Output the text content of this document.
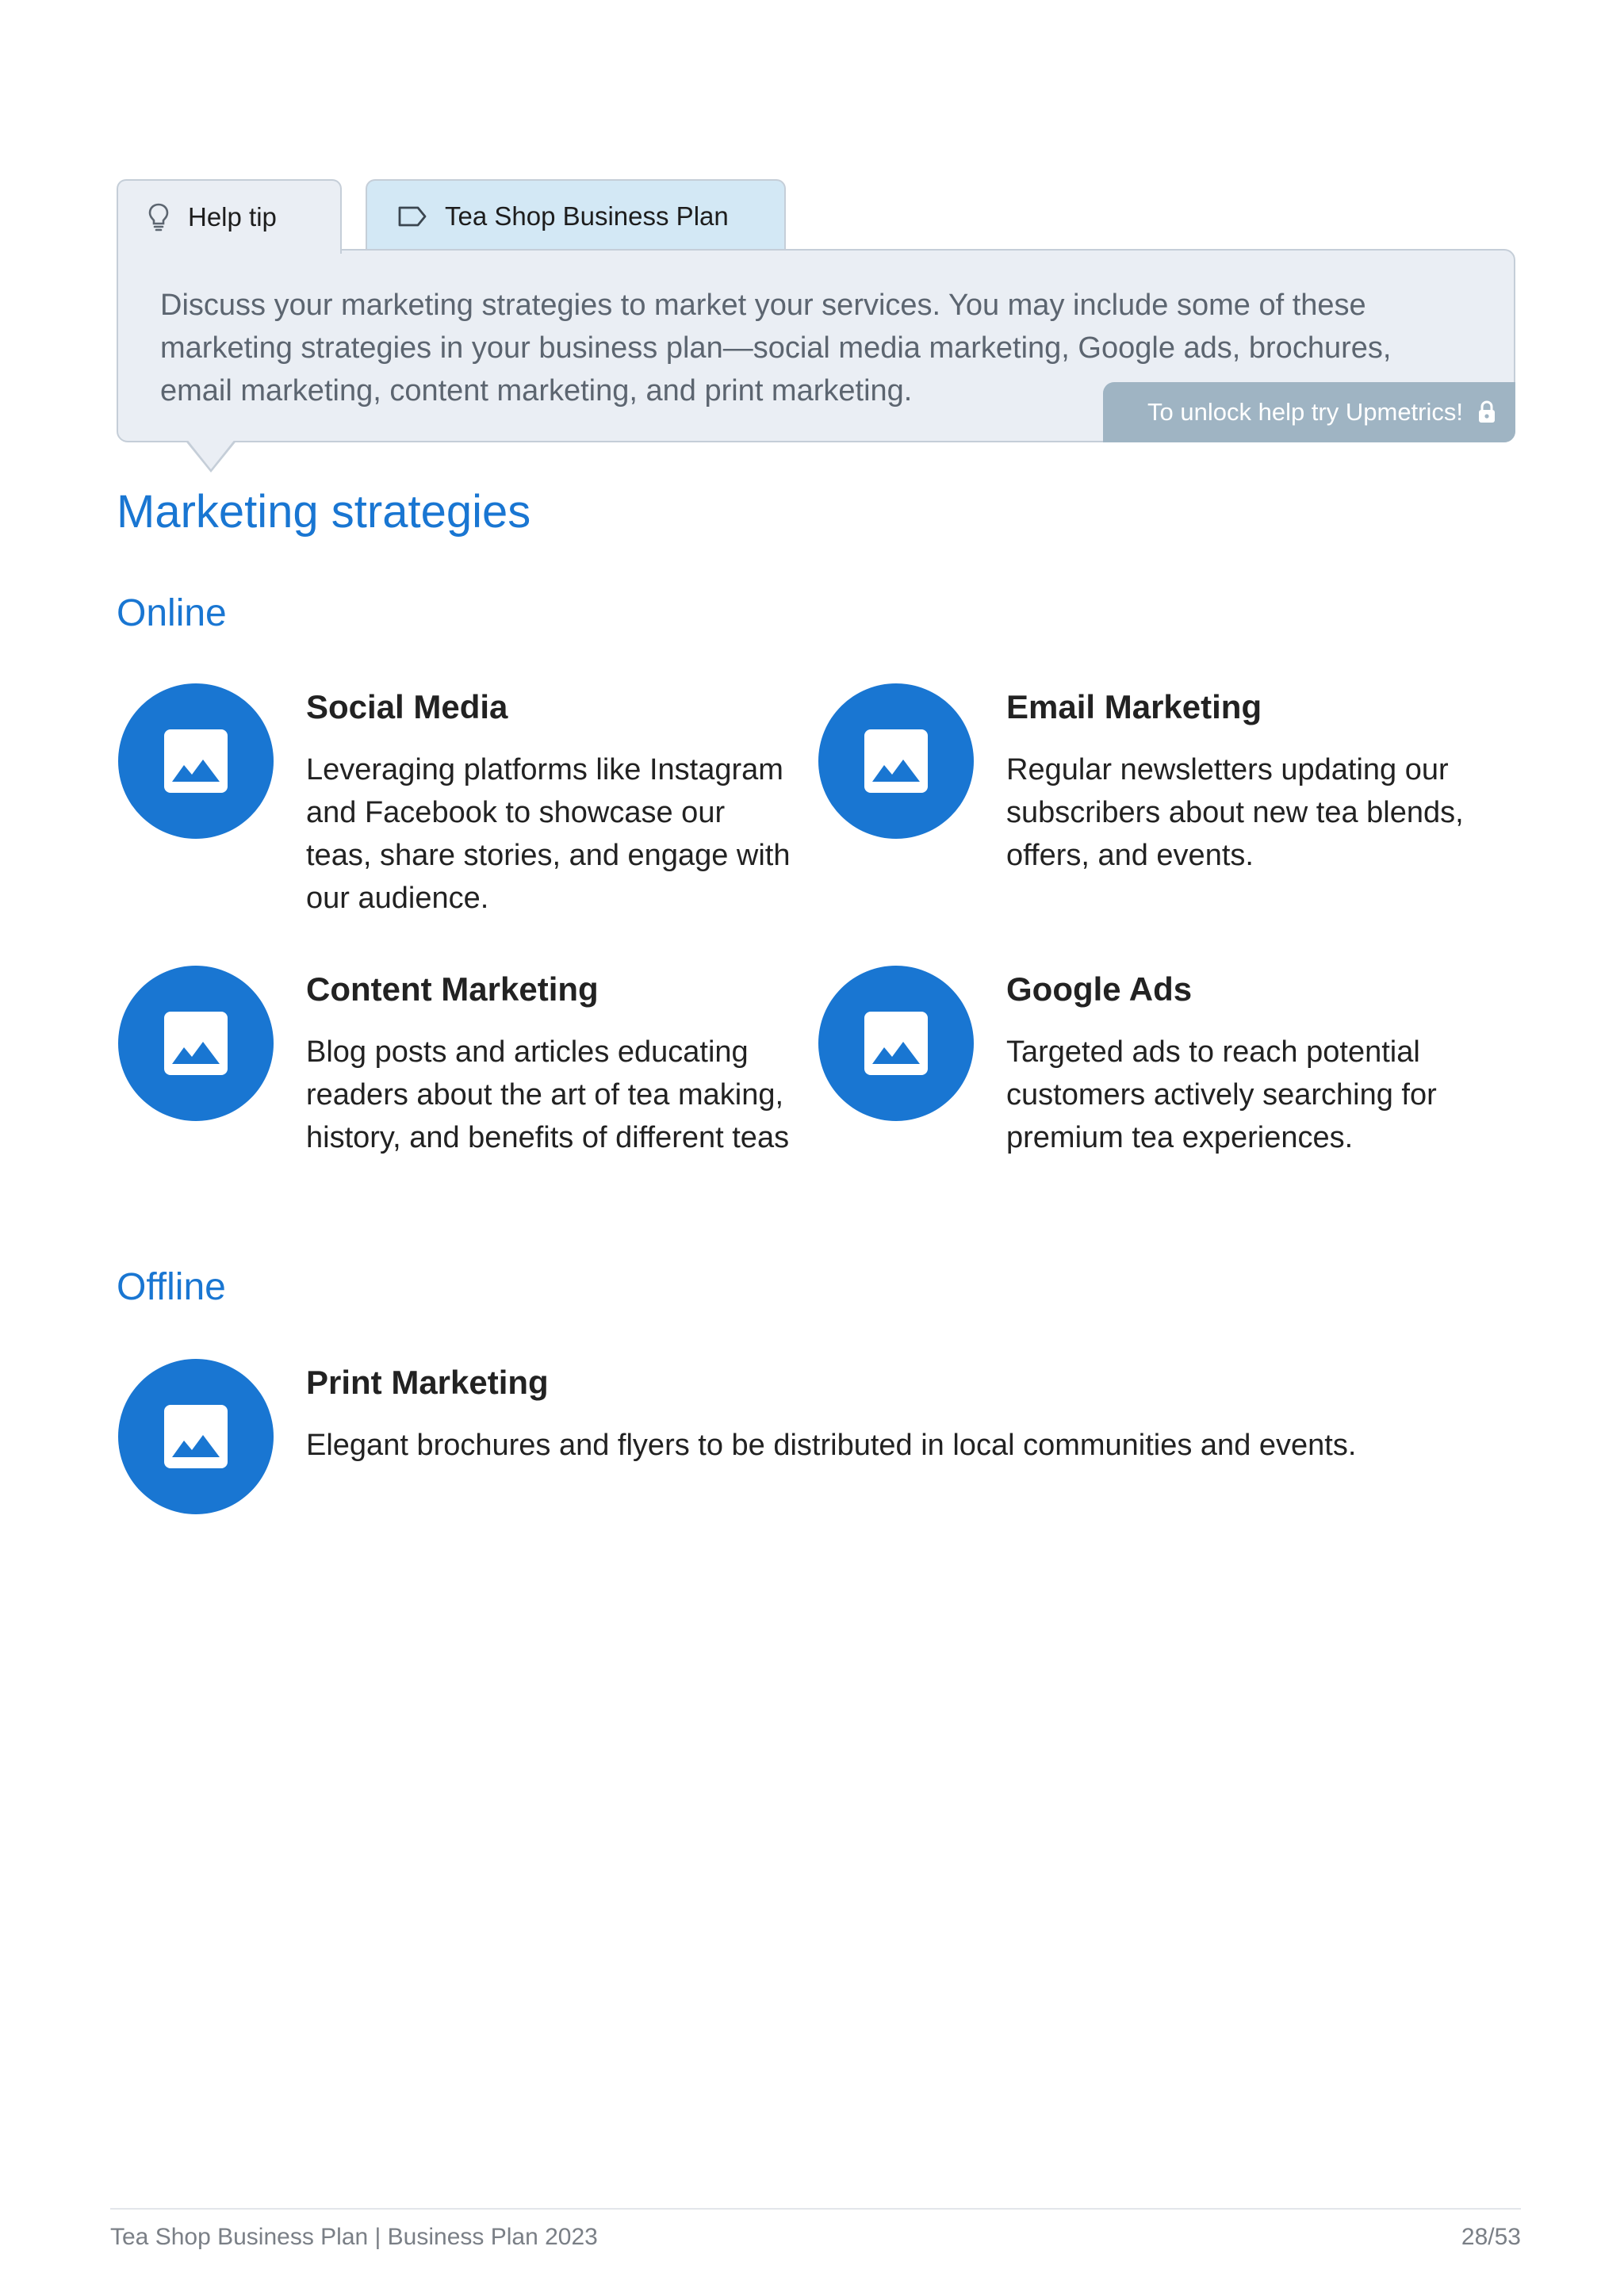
Help tip	Tea Shop Business Plan
Discuss your marketing strategies to market your services. You may include some of these marketing strategies in your business plan—social media marketing, Google ads, brochures, email marketing, content marketing, and print marketing.
To unlock help try Upmetrics!
Marketing strategies
Online
Social Media
Leveraging platforms like Instagram and Facebook to showcase our teas, share stories, and engage with our audience.
Email Marketing
Regular newsletters updating our subscribers about new tea blends, offers, and events.
Content Marketing
Blog posts and articles educating readers about the art of tea making, history, and benefits of different teas
Google Ads
Targeted ads to reach potential customers actively searching for premium tea experiences.
Offline
Print Marketing
Elegant brochures and flyers to be distributed in local communities and events.
Tea Shop Business Plan | Business Plan 2023	28/53
